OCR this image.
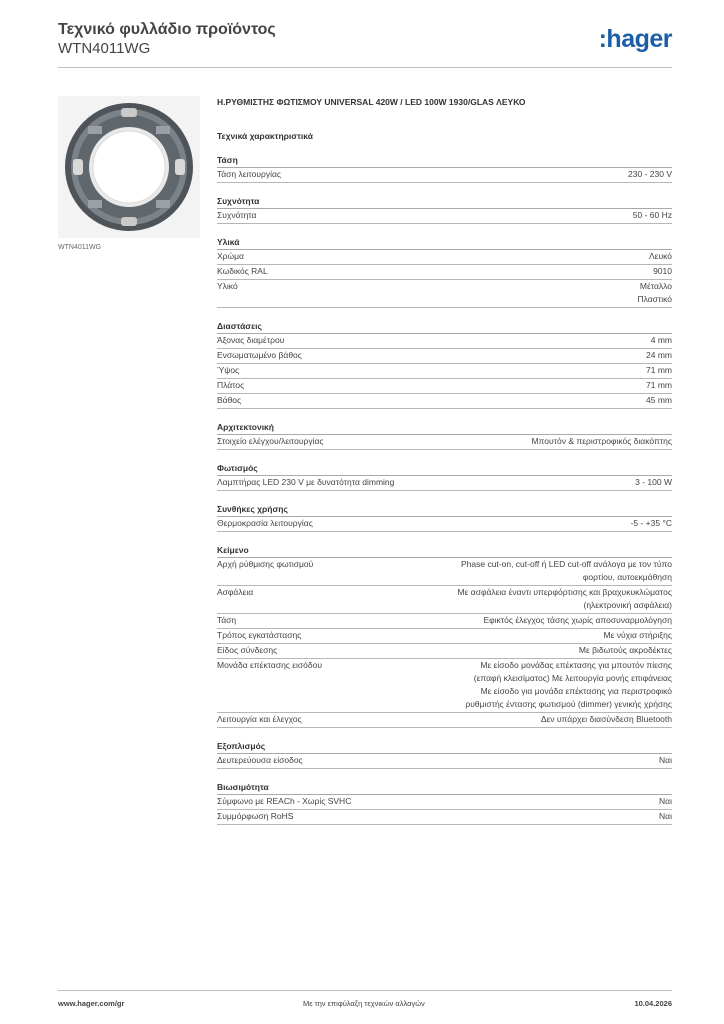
Τεχνικό φυλλάδιο προϊόντος
WTN4011WG	:hager
WTN4011WG
Η.ΡΥΘΜΙΣΤΗΣ ΦΩΤΙΣΜΟΥ UNIVERSAL 420W / LED 100W 1930/GLAS ΛΕΥΚΟ
Τεχνικά χαρακτηριστικά
Τάση
Τάση λειτουργίας	230 - 230 V
Συχνότητα
Συχνότητα	50 - 60 Hz
Υλικά
Χρώμα	Λευκό
Κωδικός RAL	9010
Υλικό	Μέταλλο
Πλαστικό
Διαστάσεις
Άξονας διαμέτρου	4 mm
Ενσωματωμένο βάθος	24 mm
Ύψος	71 mm
Πλάτος	71 mm
Βάθος	45 mm
Αρχιτεκτονική
Στοιχείο ελέγχου/λειτουργίας	Μπουτόν & περιστροφικός διακόπτης
Φωτισμός
Λαμπτήρας LED 230 V με δυνατότητα dimming	3 - 100 W
Συνθήκες χρήσης
Θερμοκρασία λειτουργίας	-5 - +35 °C
Κείμενο
Αρχή ρύθμισης φωτισμού	Phase cut-on, cut-off ή LED cut-off ανάλογα με τον τύπο
φορτίου, αυτοεκμάθηση
Ασφάλεια	Με ασφάλεια έναντι υπερφόρτισης και βραχυκυκλώματος
(ηλεκτρονική ασφάλεια)
Τάση	Εφικτός έλεγχος τάσης χωρίς αποσυναρμολόγηση
Τρόπος εγκατάστασης	Με νύχια στήριξης
Είδος σύνδεσης	Με βιδωτούς ακροδέκτες
Μονάδα επέκτασης εισόδου	Με είσοδο μονάδας επέκτασης για μπουτόν πίεσης
(επαφή κλεισίματος) Με λειτουργία μονής επιφάνειας
Με είσοδο για μονάδα επέκτασης για περιστροφικό
ρυθμιστής έντασης φωτισμού (dimmer) γενικής χρήσης
Λειτουργία και έλεγχος	Δεν υπάρχει διασύνδεση Bluetooth
Εξοπλισμός
Δευτερεύουσα είσοδος	Ναι
Βιωσιμότητα
Σύμφωνο με REACh - Χωρίς SVHC	Ναι
Συμμόρφωση RoHS	Ναι
www.hager.com/gr	Με την επιφύλαξη τεχνικών αλλαγών	10.04.2026
